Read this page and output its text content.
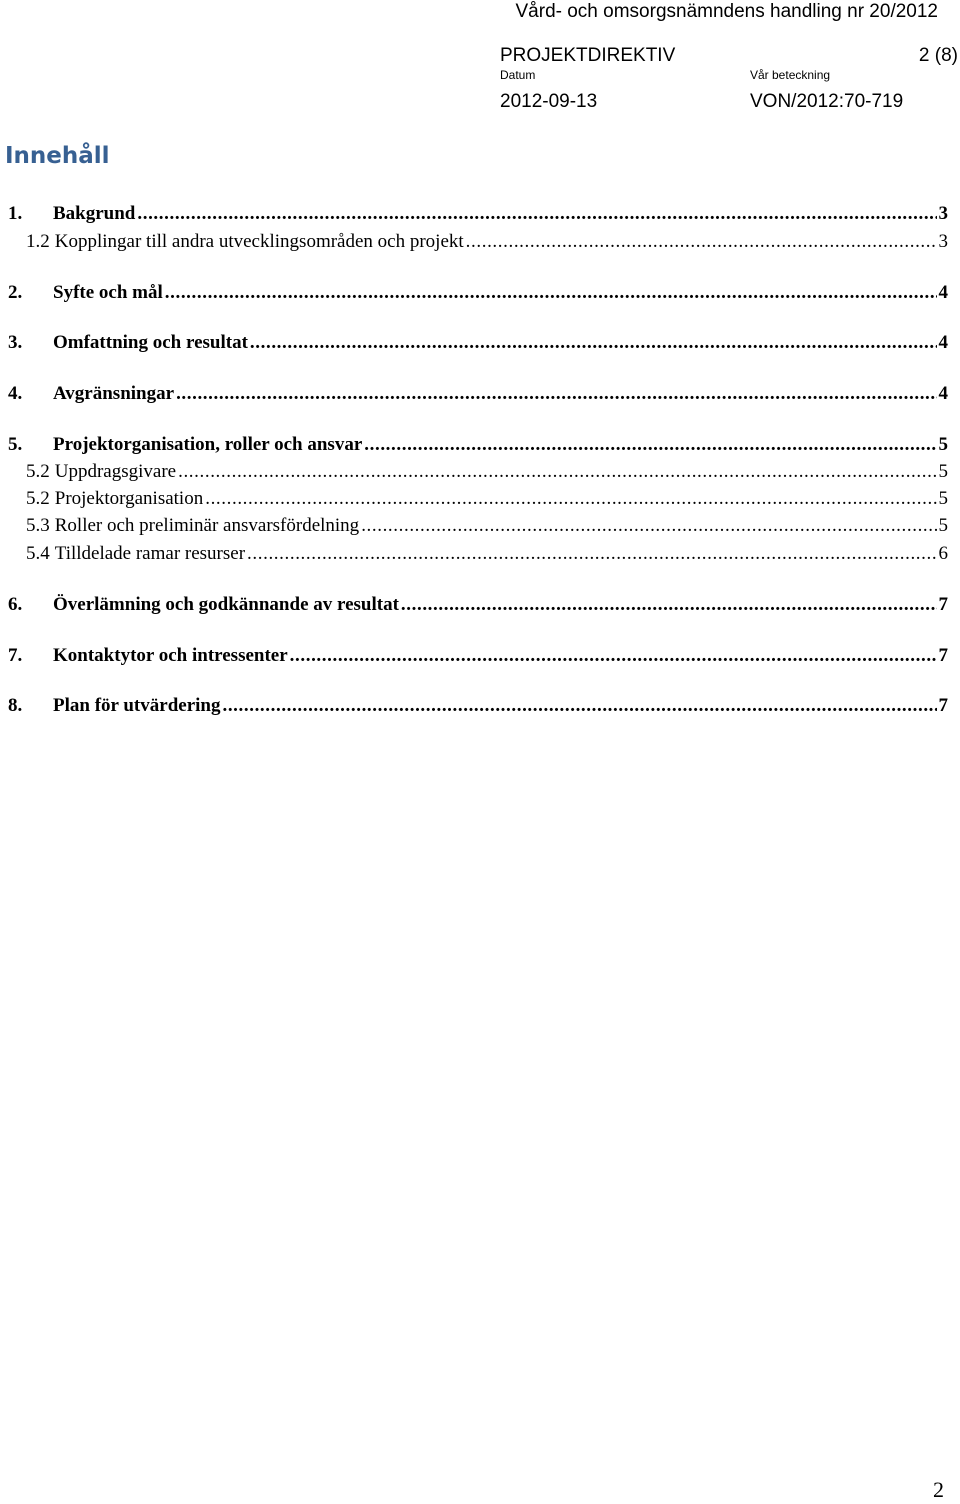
Vård- och omsorgsnämndens handling nr 20/2012
PROJEKTDIREKTIV	2 (8)
Datum	Vår beteckning
2012-09-13	VON/2012:70-719
Innehåll
1.	Bakgrund .....	3
1.2 Kopplingar till andra utvecklingsområden och projekt .....	3
2.	Syfte och mål .....	4
3.	Omfattning och resultat .....	4
4.	Avgränsningar .....	4
5.	Projektorganisation, roller och ansvar .....	5
5.2 Uppdragsgivare .....	5
5.2 Projektorganisation .....	5
5.3 Roller och preliminär ansvarsfördelning .....	5
5.4 Tilldelade ramar resurser .....	6
6.	Överlämning och godkännande av resultat .....	7
7.	Kontaktytor och intressenter .....	7
8.	Plan för utvärdering .....	7
2
